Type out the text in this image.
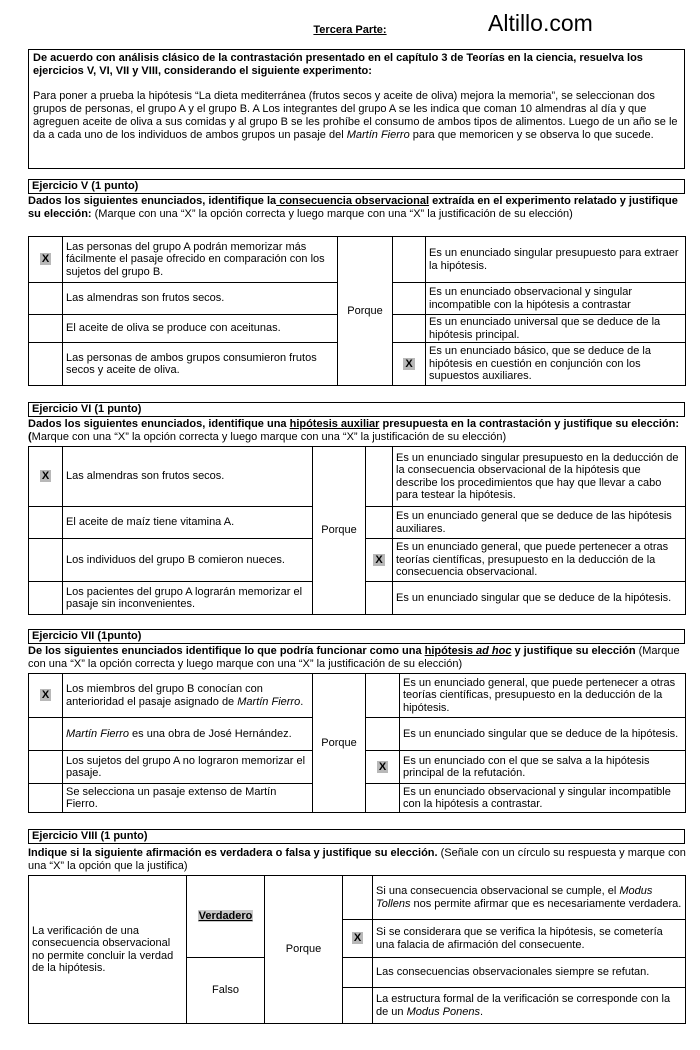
Tercera Parte:	Altillo.com
De acuerdo con análisis clásico de la contrastación presentado en el capítulo 3 de Teorías en la ciencia, resuelva los ejercicios V, VI, VII y VIII, considerando el siguiente experimento:
Para poner a prueba la hipótesis “La dieta mediterránea (frutos secos y aceite de oliva) mejora la memoria”, se seleccionan dos grupos de personas, el grupo A y el grupo B. A Los integrantes del grupo A se les indica que coman 10 almendras al día y que agreguen aceite de oliva a sus comidas y al grupo B se les prohíbe el consumo de ambos tipos de alimentos. Luego de un año se le da a cada uno de los individuos de ambos grupos un pasaje del Martín Fierro para que memoricen y se observa lo que sucede.
Ejercicio V (1 punto)
Dados los siguientes enunciados, identifique la consecuencia observacional extraída en el experimento relatado y justifique su elección: (Marque con una “X” la opción correcta y luego marque con una “X” la justificación de su elección)
X	Las personas del grupo A podrán memorizar más fácilmente el pasaje ofrecido en comparación con los sujetos del grupo B.	Porque		Es un enunciado singular presupuesto para extraer la hipótesis.
	Las almendras son frutos secos.			Es un enunciado observacional y singular incompatible con la hipótesis a contrastar
	El aceite de oliva se produce con aceitunas.			Es un enunciado universal que se deduce de la hipótesis principal.
	Las personas de ambos grupos consumieron frutos secos y aceite de oliva.		X	Es un enunciado básico, que se deduce de la hipótesis en cuestión en conjunción con los supuestos auxiliares.
Ejercicio VI (1 punto)
Dados los siguientes enunciados, identifique una hipótesis auxiliar presupuesta en la contrastación y justifique su elección: (Marque con una “X” la opción correcta y luego marque con una “X” la justificación de su elección)
X	Las almendras son frutos secos.	Porque		Es un enunciado singular presupuesto en la deducción de la consecuencia observacional de la hipótesis que describe los procedimientos que hay que llevar a cabo para testear la hipótesis.
	El aceite de maíz tiene vitamina A.			Es un enunciado general que se deduce de las hipótesis auxiliares.
	Los individuos del grupo B comieron nueces.		X	Es un enunciado general, que puede pertenecer a otras teorías científicas, presupuesto en la deducción de la consecuencia observacional.
	Los pacientes del grupo A lograrán memorizar el pasaje sin inconvenientes.			Es un enunciado singular que se deduce de la hipótesis.
Ejercicio VII (1punto)
De los siguientes enunciados identifique lo que podría funcionar como una hipótesis ad hoc y justifique su elección (Marque con una “X” la opción correcta y luego marque con una “X” la justificación de su elección)
X	Los miembros del grupo B conocían con anterioridad el pasaje asignado de Martín Fierro.	Porque		Es un enunciado general, que puede pertenecer a otras teorías científicas, presupuesto en la deducción de la hipótesis.
	Martín Fierro es una obra de José Hernández.			Es un enunciado singular que se deduce de la hipótesis.
	Los sujetos del grupo A no lograron memorizar el pasaje.		X	Es un enunciado con el que se salva a la hipótesis principal de la refutación.
	Se selecciona un pasaje extenso de Martín Fierro.			Es un enunciado observacional y singular incompatible con la hipótesis a contrastar.
Ejercicio VIII (1 punto)
Indique si la siguiente afirmación es verdadera o falsa y justifique su elección. (Señale con un círculo su respuesta y marque con una “X” la opción que la justifica)
La verificación de una consecuencia observacional no permite concluir la verdad de la hipótesis.	Verdadero	Porque		Si una consecuencia observacional se cumple, el Modus Tollens nos permite afirmar que es necesariamente verdadera.
			X	Si se considerara que se verifica la hipótesis, se cometería una falacia de afirmación del consecuente.
	Falso			Las consecuencias observacionales siempre se refutan.
				La estructura formal de la verificación se corresponde con la de un Modus Ponens.
